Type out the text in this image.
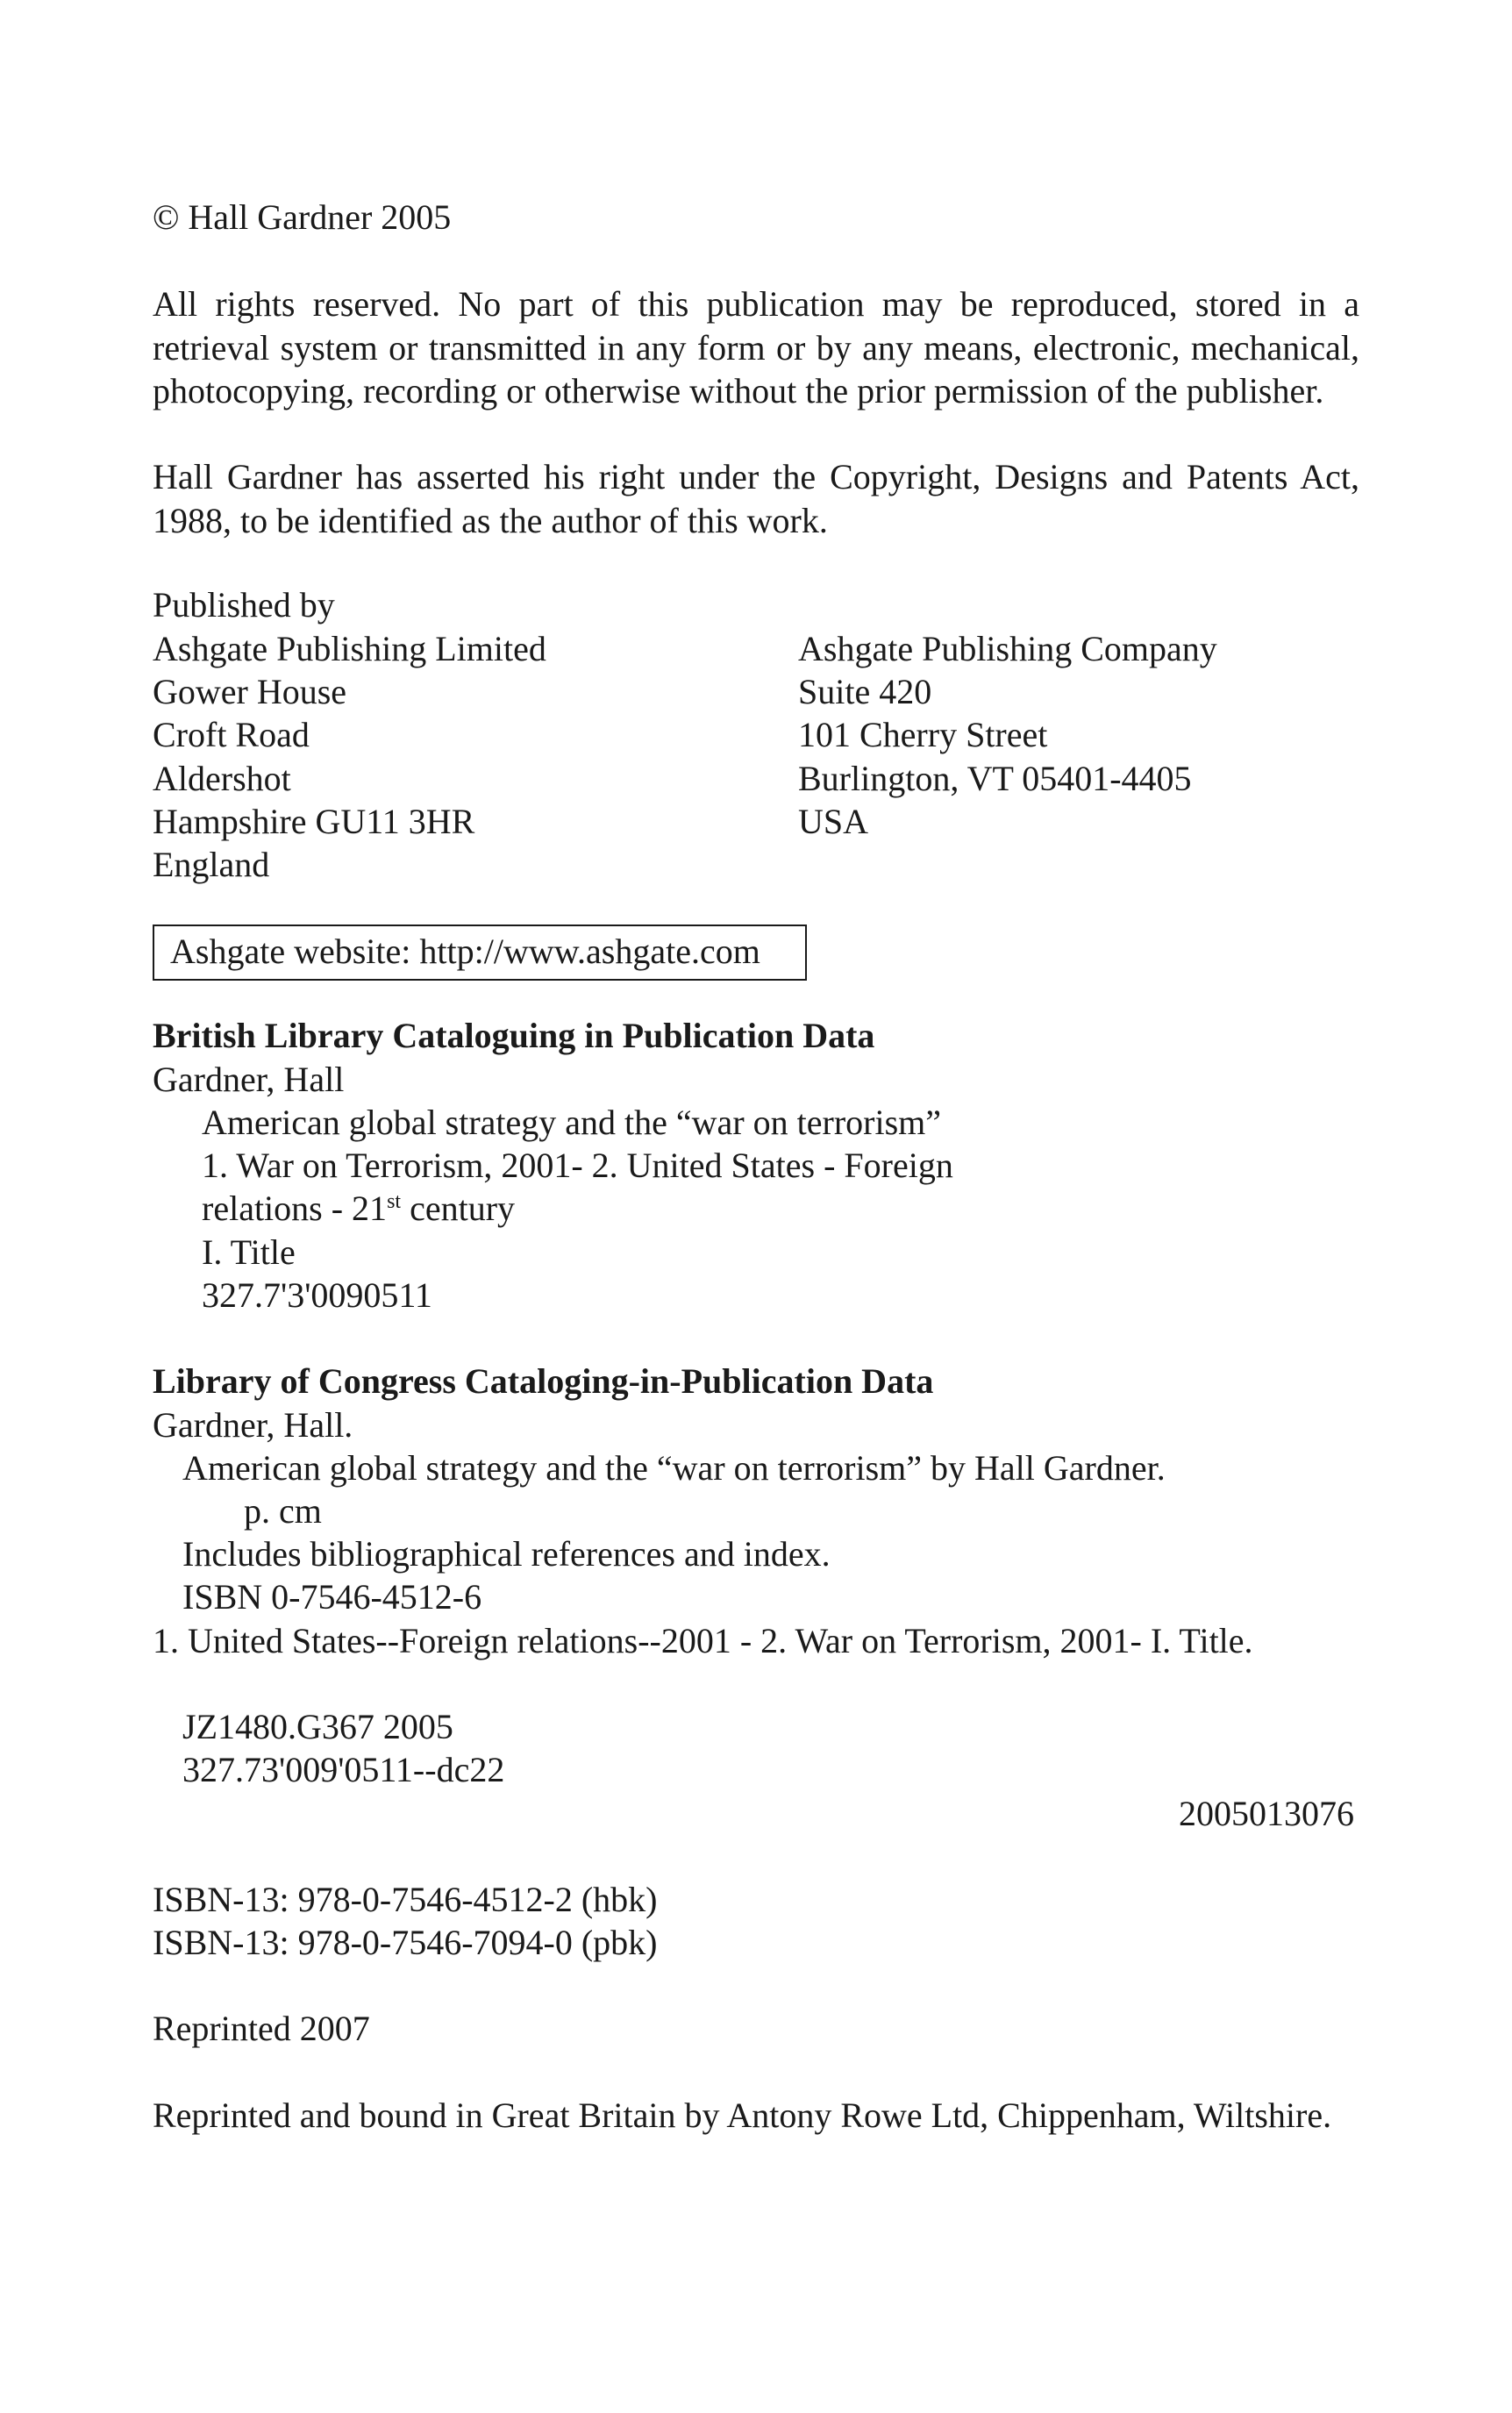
© Hall Gardner 2005

All rights reserved. No part of this publication may be reproduced, stored in a retrieval system or transmitted in any form or by any means, electronic, mechanical, photocopying, recording or otherwise without the prior permission of the publisher.

Hall Gardner has asserted his right under the Copyright, Designs and Patents Act, 1988, to be identified as the author of this work.

Published by
Ashgate Publishing Limited
Gower House
Croft Road
Aldershot
Hampshire GU11 3HR
England
Ashgate Publishing Company
Suite 420
101 Cherry Street
Burlington, VT 05401-4405
USA
Ashgate website: http://www.ashgate.com
British Library Cataloguing in Publication Data
Gardner, Hall
American global strategy and the “war on terrorism”
1. War on Terrorism, 2001- 2. United States - Foreign
relations - 21st century
I. Title
327.7'3'0090511
Library of Congress Cataloging-in-Publication Data
Gardner, Hall.
American global strategy and the “war on terrorism” by Hall Gardner.
p. cm
Includes bibliographical references and index.
ISBN 0-7546-4512-6
1. United States--Foreign relations--2001 - 2. War on Terrorism, 2001- I. Title.
JZ1480.G367 2005
327.73'009'0511--dc22
2005013076
ISBN-13: 978-0-7546-4512-2 (hbk)
ISBN-13: 978-0-7546-7094-0 (pbk)
Reprinted 2007
Reprinted and bound in Great Britain by Antony Rowe Ltd, Chippenham, Wiltshire.
